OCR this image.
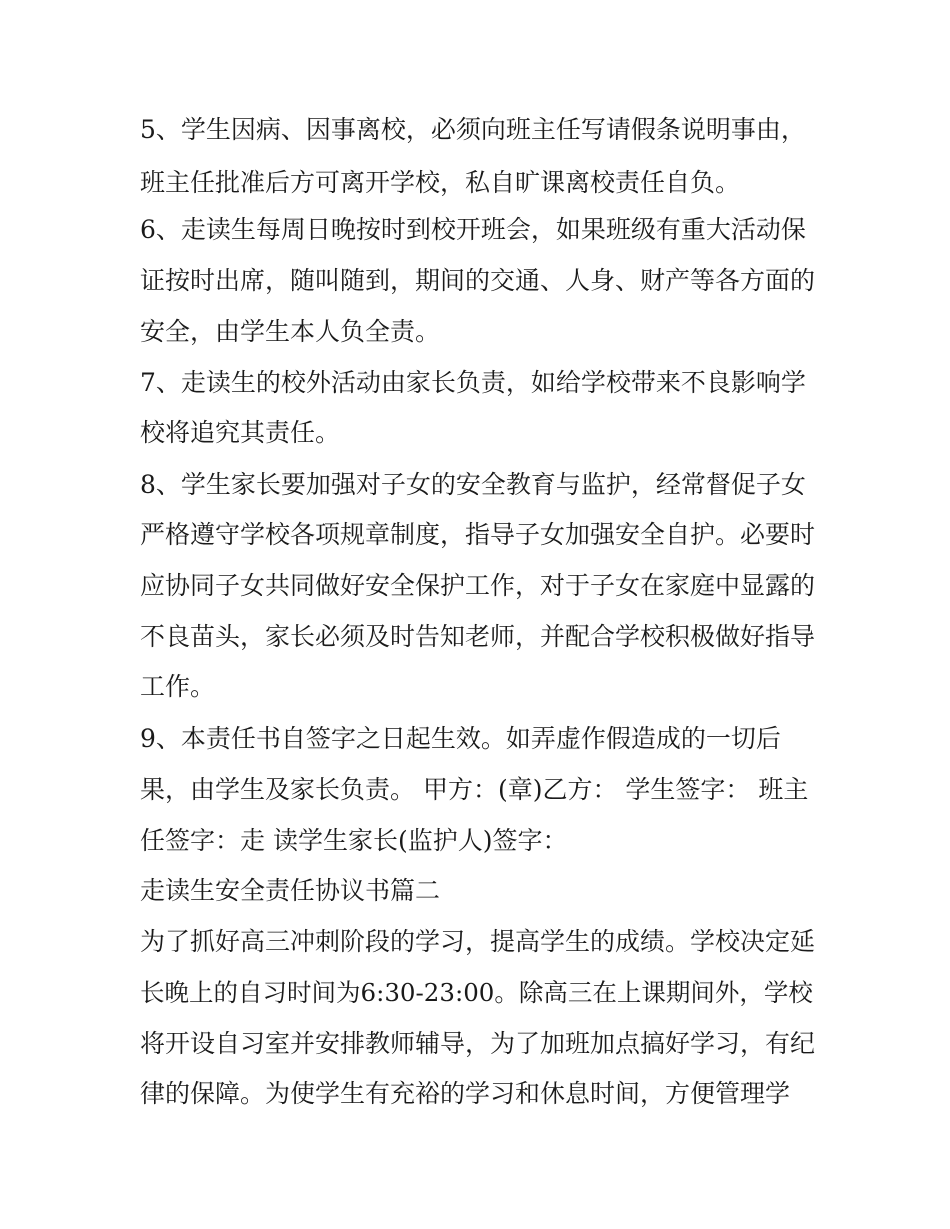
5、学生因病、因事离校，必须向班主任写请假条说明事由，
班主任批准后方可离开学校，私自旷课离校责任自负。
6、走读生每周日晚按时到校开班会，如果班级有重大活动保
证按时出席，随叫随到，期间的交通、人身、财产等各方面的
安全，由学生本人负全责。
7、走读生的校外活动由家长负责，如给学校带来不良影响学
校将追究其责任。
8、学生家长要加强对子女的安全教育与监护，经常督促子女
严格遵守学校各项规章制度，指导子女加强安全自护。必要时
应协同子女共同做好安全保护工作，对于子女在家庭中显露的
不良苗头，家长必须及时告知老师，并配合学校积极做好指导
工作。
9、本责任书自签字之日起生效。如弄虚作假造成的一切后
果，由学生及家长负责。 甲方：(章)乙方： 学生签字： 班主
任签字：走 读学生家长(监护人)签字：
走读生安全责任协议书篇二
为了抓好高三冲刺阶段的学习，提高学生的成绩。学校决定延
长晚上的自习时间为6:30-23:00。除高三在上课期间外，学校
将开设自习室并安排教师辅导，为了加班加点搞好学习，有纪
律的保障。为使学生有充裕的学习和休息时间，方便管理学
